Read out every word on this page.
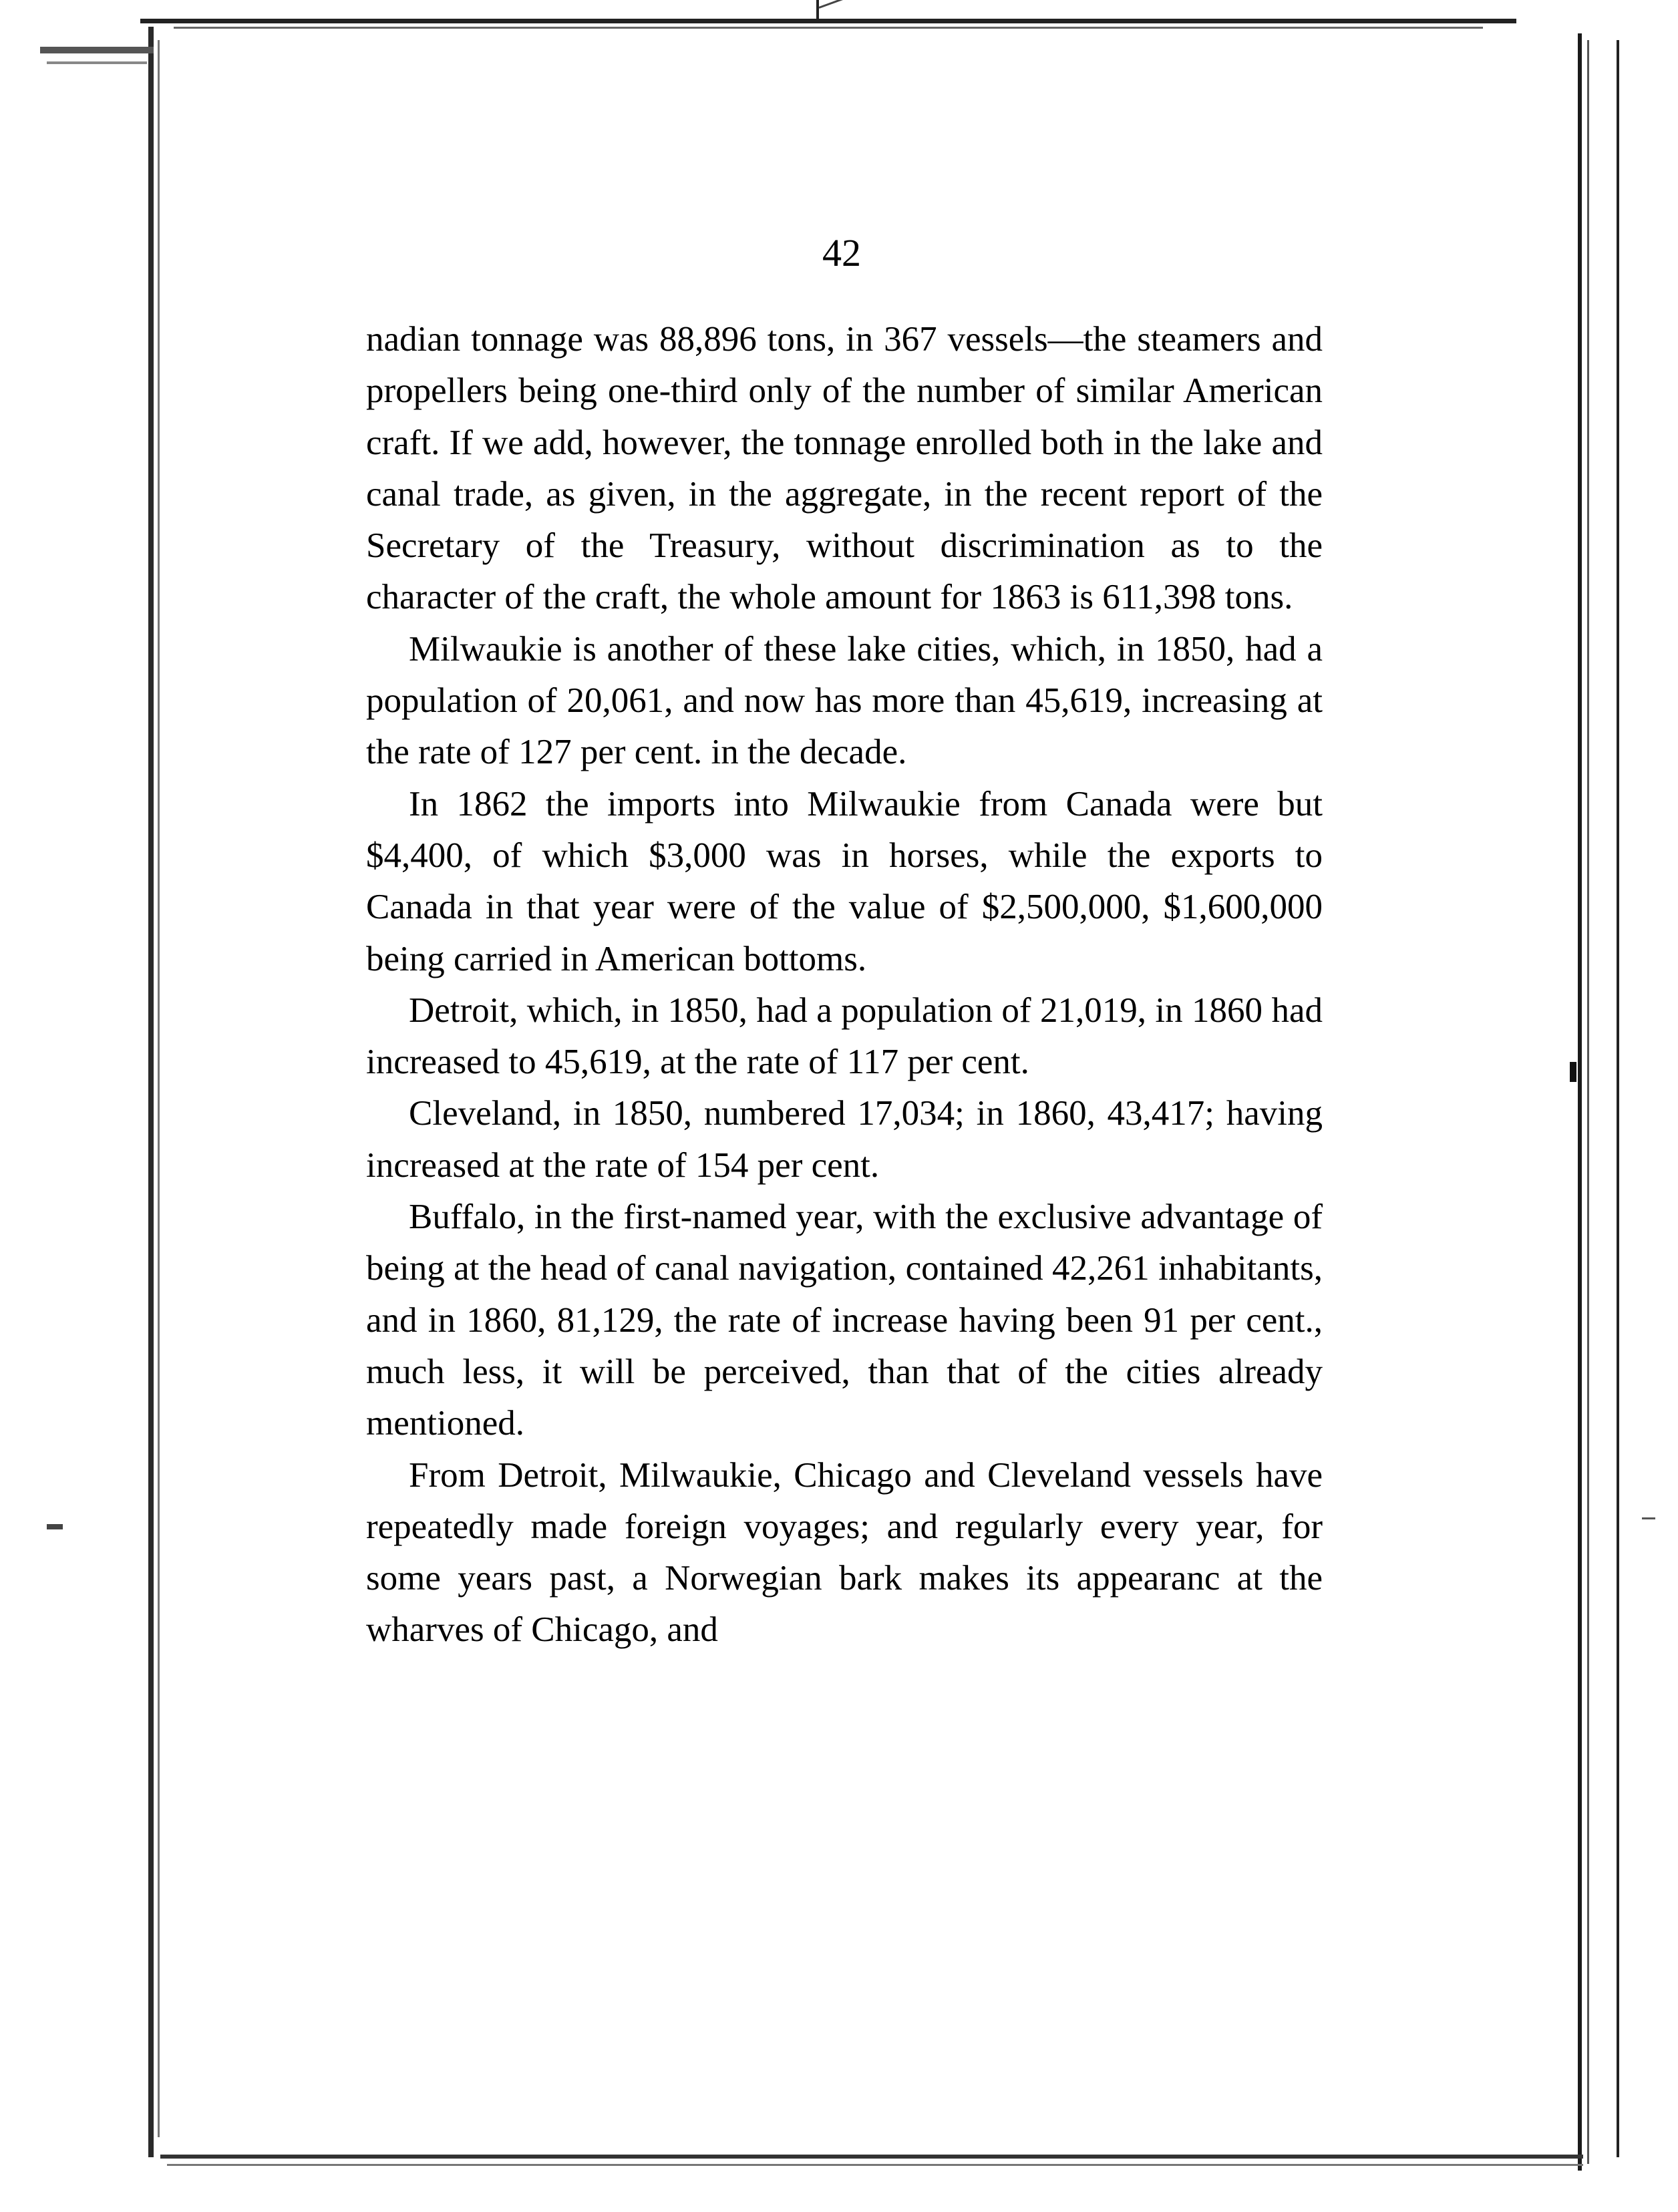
42

nadian tonnage was 88,896 tons, in 367 vessels—the steamers and propellers being one-third only of the number of similar American craft. If we add, however, the tonnage enrolled both in the lake and canal trade, as given, in the aggregate, in the recent report of the Secretary of the Treasury, without discrimination as to the character of the craft, the whole amount for 1863 is 611,398 tons.

Milwaukie is another of these lake cities, which, in 1850, had a population of 20,061, and now has more than 45,619, increasing at the rate of 127 per cent. in the decade.

In 1862 the imports into Milwaukie from Canada were but $4,400, of which $3,000 was in horses, while the exports to Canada in that year were of the value of $2,500,000, $1,600,000 being carried in American bottoms.

Detroit, which, in 1850, had a population of 21,019, in 1860 had increased to 45,619, at the rate of 117 per cent.

Cleveland, in 1850, numbered 17,034; in 1860, 43,417; having increased at the rate of 154 per cent.

Buffalo, in the first-named year, with the exclusive advantage of being at the head of canal navigation, contained 42,261 inhabitants, and in 1860, 81,129, the rate of increase having been 91 per cent., much less, it will be perceived, than that of the cities already mentioned.

From Detroit, Milwaukie, Chicago and Cleveland vessels have repeatedly made foreign voyages; and regularly every year, for some years past, a Norwegian bark makes its appearanc at the wharves of Chicago, and
